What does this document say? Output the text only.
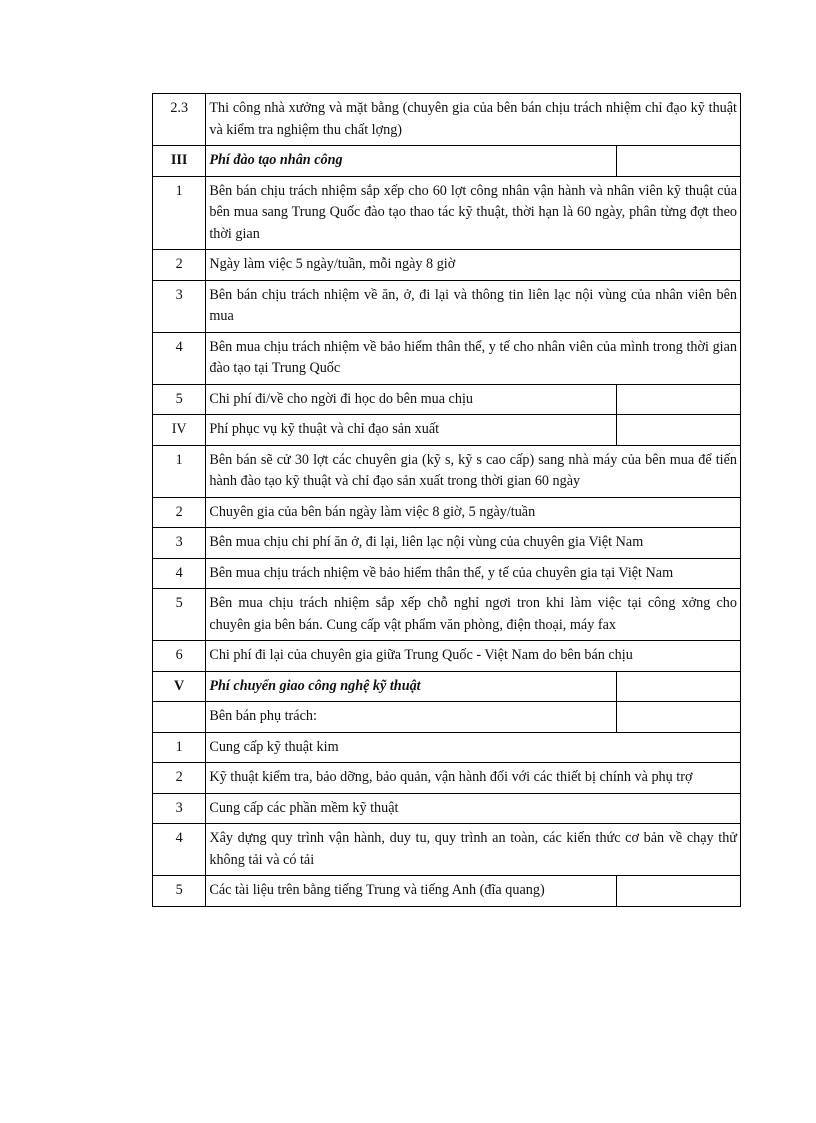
2.3	Thi công nhà xưởng và mặt bằng (chuyên gia của bên bán chịu trách nhiệm chỉ đạo kỹ thuật và kiểm tra nghiệm thu chất lợng)	
III	Phí đào tạo nhân công	
1	Bên bán chịu trách nhiệm sắp xếp cho 60 lợt công nhân vận hành và nhân viên kỹ thuật của bên mua sang Trung Quốc đào tạo thao tác kỹ thuật, thời hạn là 60 ngày, phân từng đợt theo thời gian	
2	Ngày làm việc 5 ngày/tuần, mỗi ngày 8 giờ	
3	Bên bán chịu trách nhiệm về ăn, ở, đi lại và thông tin liên lạc nội vùng của nhân viên bên mua	
4	Bên mua chịu trách nhiệm về bảo hiểm thân thể, y tế cho nhân viên của mình trong thời gian đào tạo tại Trung Quốc	
5	Chi phí đi/về cho ngời đi học do bên mua chịu	
IV	Phí phục vụ kỹ thuật và chỉ đạo sản xuất	
1	Bên bán sẽ cử 30 lợt các chuyên gia (kỹ s, kỹ s cao cấp) sang nhà máy của bên mua để tiến hành đào tạo kỹ thuật và chỉ đạo sản xuất trong thời gian 60 ngày	
2	Chuyên gia của bên bán ngày làm việc 8 giờ, 5 ngày/tuần	
3	Bên mua chịu chi phí ăn ở, đi lại, liên lạc nội vùng của chuyên gia Việt Nam	
4	Bên mua chịu trách nhiệm về bảo hiểm thân thể, y tế của chuyên gia tại Việt Nam	
5	Bên mua chịu trách nhiệm sắp xếp chỗ nghỉ ngơi tron khi làm việc tại công xởng cho chuyên gia bên bán. Cung cấp vật phẩm văn phòng, điện thoại, máy fax	
6	Chi phí đi lại của chuyên gia giữa Trung Quốc - Việt Nam do bên bán chịu	
V	Phí chuyển giao công nghệ kỹ thuật	
	Bên bán phụ trách:	
1	Cung cấp kỹ thuật kim	
2	Kỹ thuật kiểm tra, bảo dỡng, bảo quản, vận hành đối với các thiết bị chính và phụ trợ	
3	Cung cấp các phần mềm kỹ thuật	
4	Xây dựng quy trình vận hành, duy tu, quy trình an toàn, các kiến thức cơ bản về chạy thử không tải và có tải	
5	Các tài liệu trên bằng tiếng Trung và tiếng Anh (đĩa quang)	
